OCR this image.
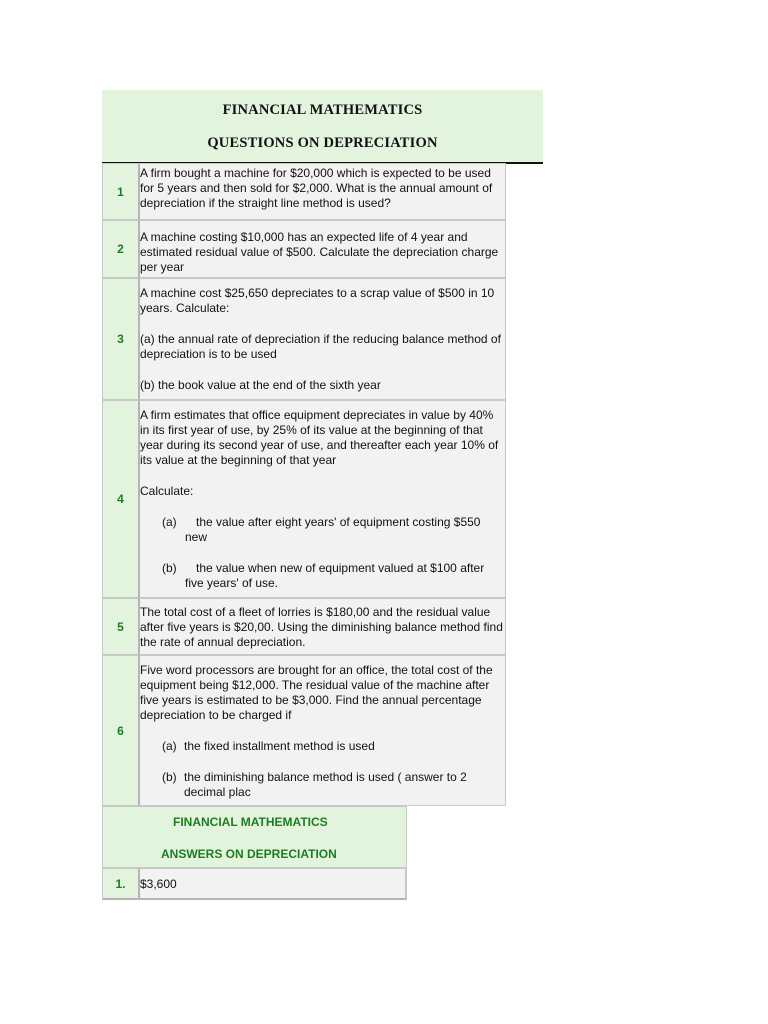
FINANCIAL MATHEMATICS
QUESTIONS ON DEPRECIATION
1

A firm bought a machine for $20,000 which is expected to be used for 5 years and then sold for $2,000. What is the annual amount of depreciation if the straight line method is used?

2

A machine costing $10,000 has an expected life of 4 year and estimated residual value of $500. Calculate the depreciation charge per year

3

A machine cost $25,650 depreciates to a scrap value of $500 in 10 years. Calculate:

(a) the annual rate of depreciation if the reducing balance method of depreciation is to be used

(b) the book value at the end of the sixth year

4

A firm estimates that office equipment depreciates in value by 40% in its first year of use, by 25% of its value at the beginning of that year during its second year of use, and thereafter each year 10% of its value at the beginning of that year

Calculate:

(a) the value after eight years' of equipment costing $550

new

(b) the value when new of equipment valued at $100 after

five years' of use.

5

The total cost of a fleet of lorries is $180,00 and the residual value after five years is $20,00. Using the diminishing balance method find the rate of annual depreciation.

6

Five word processors are brought for an office, the total cost of the equipment being $12,000. The residual value of the machine after five years is estimated to be $3,000. Find the annual percentage depreciation to be charged if

(a) the fixed installment method is used

(b) the diminishing balance method is used ( answer to 2

decimal plac

FINANCIAL MATHEMATICS
ANSWERS ON DEPRECIATION
1.	$3,600
